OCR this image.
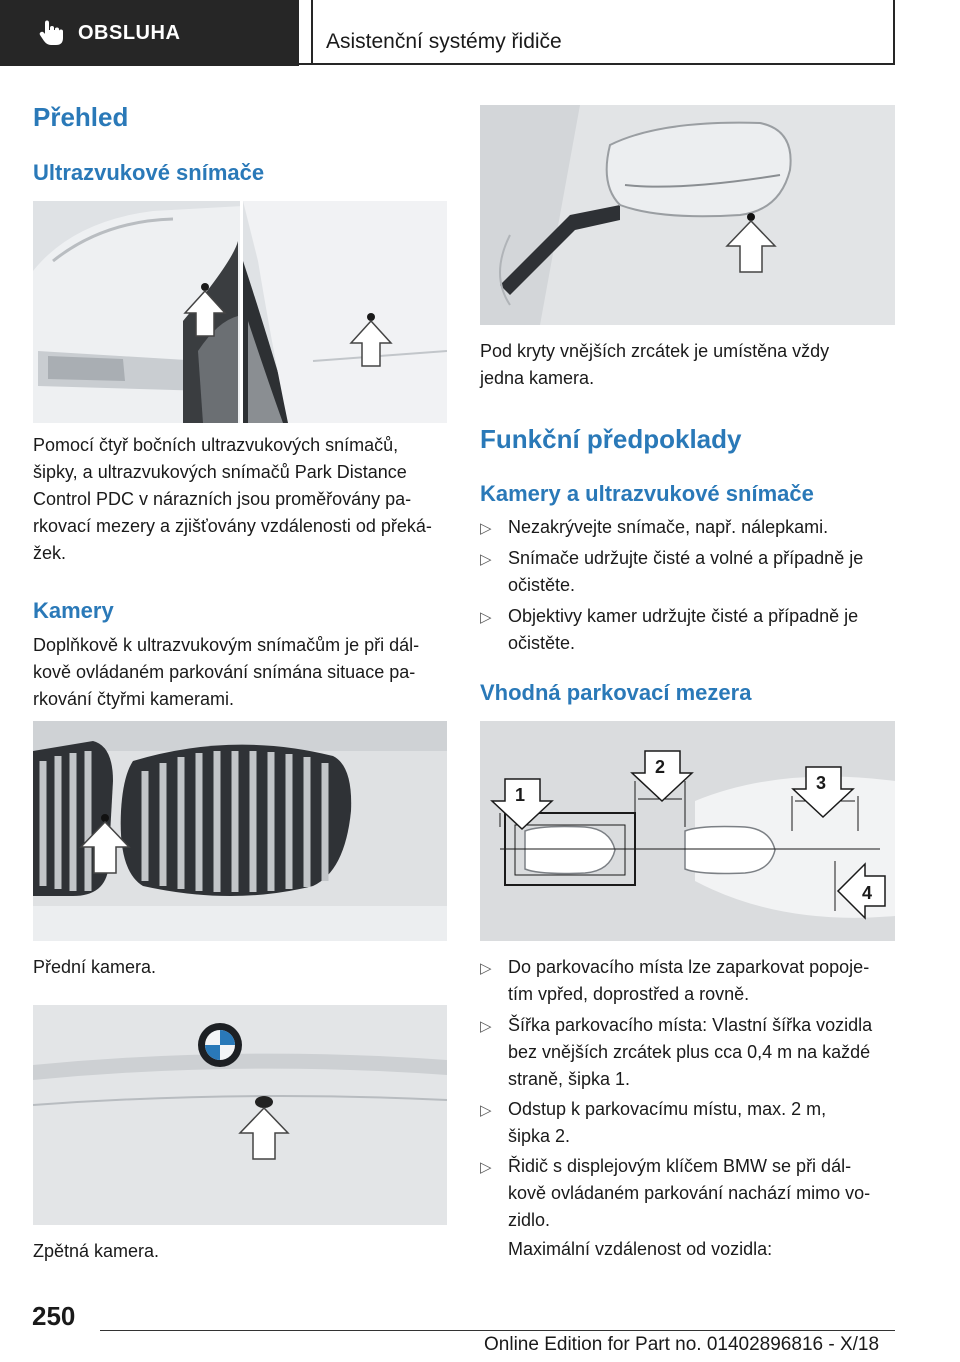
OBSLUHA	Asistenční systémy řidiče
Přehled
Ultrazvukové snímače

Pomocí čtyř bočních ultrazvukových snímačů,
šipky, a ultrazvukových snímačů Park Distance
Control PDC v nárazních jsou proměřovány pa-
rkovací mezery a zjišťovány vzdálenosti od překá-
žek.

Kamery

Doplňkově k ultrazvukovým snímačům je při dál-
kově ovládaném parkování snímána situace pa-
rkování čtyřmi kamerami.

Přední kamera.

Zpětná kamera.

Pod kryty vnějších zrcátek je umístěna vždy
jedna kamera.

Funkční předpoklady
Kamery a ultrazvukové snímače
▷ Nezakrývejte snímače, např. nálepkami.
▷ Snímače udržujte čisté a volné a případně je
očistěte.
▷ Objektivy kamer udržujte čisté a případně je
očistěte.
Vhodná parkovací mezera
1
2
3
4
▷ Do parkovacího místa lze zaparkovat popoje-
tím vpřed, doprostřed a rovně.
▷ Šířka parkovacího místa: Vlastní šířka vozidla
bez vnějších zrcátek plus cca 0,4 m na každé
straně, šipka 1.
▷ Odstup k parkovacímu místu, max. 2 m,
šipka 2.
▷ Řidič s displejovým klíčem BMW se při dál-
kově ovládaném parkování nachází mimo vo-
zidlo.

Maximální vzdálenost od vozidla:

250
Online Edition for Part no. 01402896816 - X/18
